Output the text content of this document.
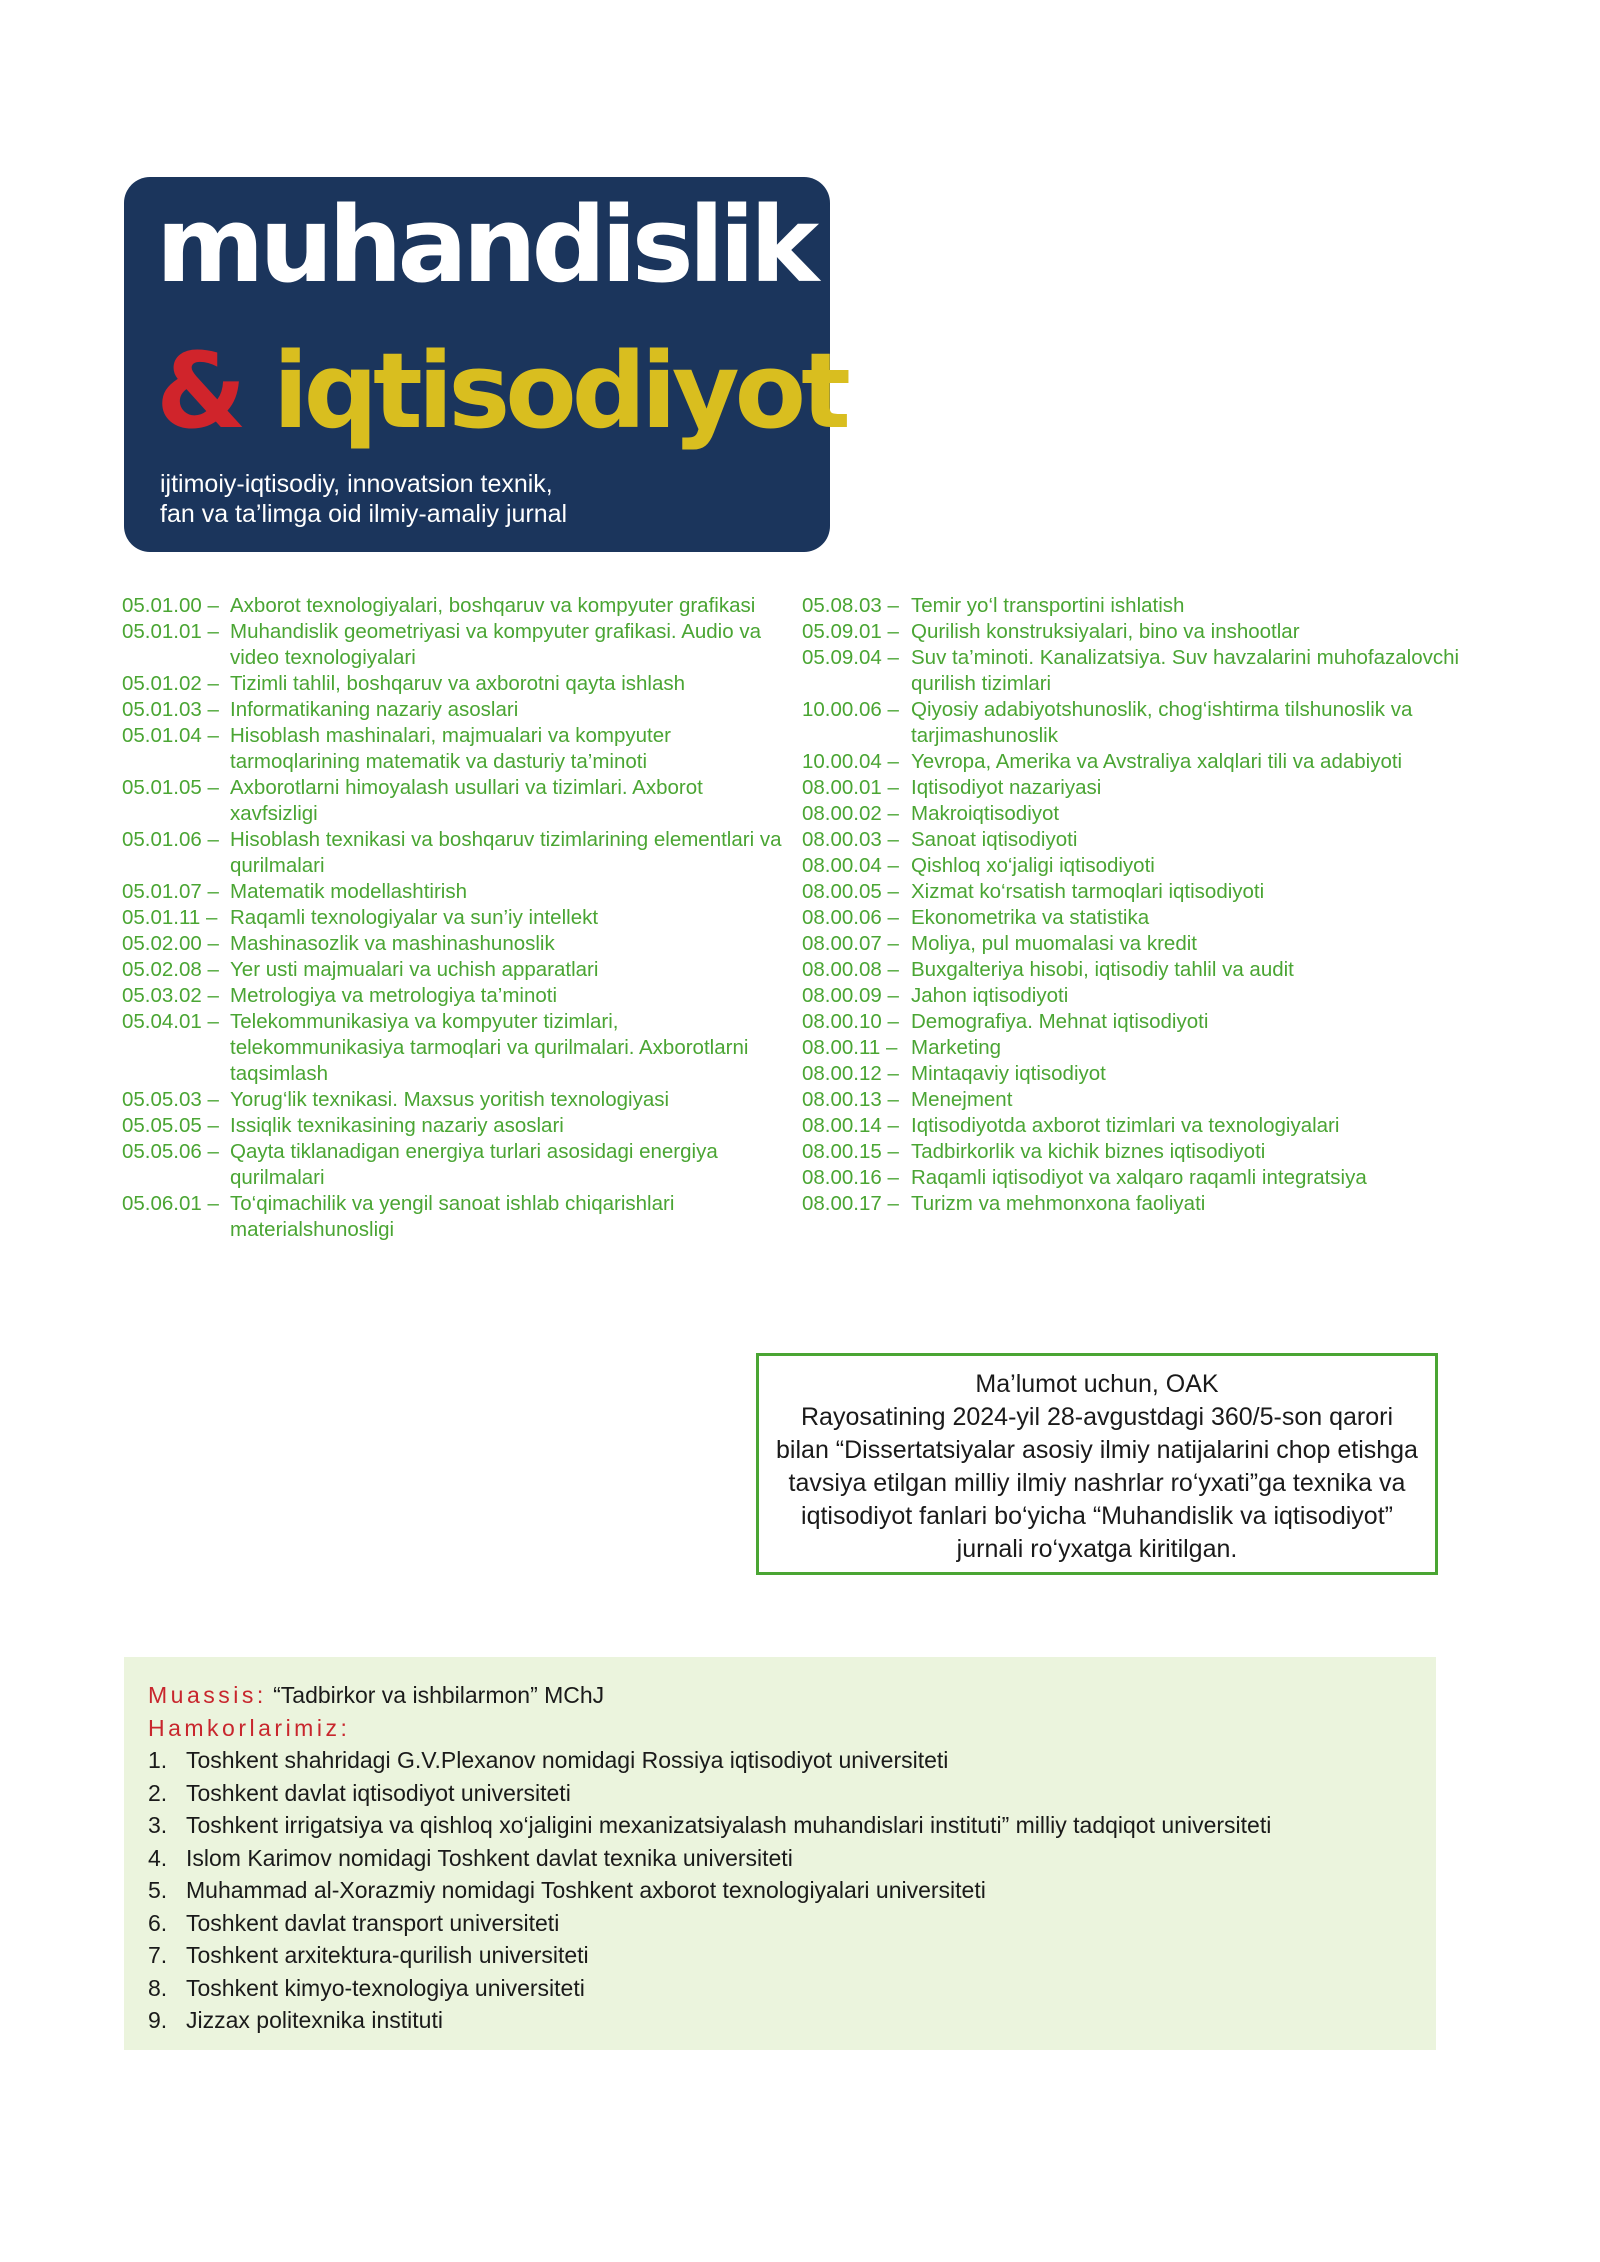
muhandislik
& iqtisodiyot
ijtimoiy-iqtisodiy, innovatsion texnik,
fan va ta’limga oid ilmiy-amaliy jurnal
05.01.00 – Axborot texnologiyalari, boshqaruv va kompyuter grafikasi
05.01.01 – Muhandislik geometriyasi va kompyuter grafikasi. Audio va video texnologiyalari
05.01.02 – Tizimli tahlil, boshqaruv va axborotni qayta ishlash
05.01.03 – Informatikaning nazariy asoslari
05.01.04 – Hisoblash mashinalari, majmualari va kompyuter tarmoqlarining matematik va dasturiy ta’minoti
05.01.05 – Axborotlarni himoyalash usullari va tizimlari. Axborot xavfsizligi
05.01.06 – Hisoblash texnikasi va boshqaruv tizimlarining elementlari va qurilmalari
05.01.07 – Matematik modellashtirish
05.01.11 – Raqamli texnologiyalar va sun’iy intellekt
05.02.00 – Mashinasozlik va mashinashunoslik
05.02.08 – Yer usti majmualari va uchish apparatlari
05.03.02 – Metrologiya va metrologiya ta’minoti
05.04.01 – Telekommunikasiya va kompyuter tizimlari, telekommunikasiya tarmoqlari va qurilmalari. Axborotlarni taqsimlash
05.05.03 – Yorug‘lik texnikasi. Maxsus yoritish texnologiyasi
05.05.05 – Issiqlik texnikasining nazariy asoslari
05.05.06 – Qayta tiklanadigan energiya turlari asosidagi energiya qurilmalari
05.06.01 – To‘qimachilik va yengil sanoat ishlab chiqarishlari materialshunosligi
05.08.03 – Temir yo‘l transportini ishlatish
05.09.01 – Qurilish konstruksiyalari, bino va inshootlar
05.09.04 – Suv ta’minoti. Kanalizatsiya. Suv havzalarini muhofazalovchi qurilish tizimlari
10.00.06 – Qiyosiy adabiyotshunoslik, chog‘ishtirma tilshunoslik va tarjimashunoslik
10.00.04 – Yevropa, Amerika va Avstraliya xalqlari tili va adabiyoti
08.00.01 – Iqtisodiyot nazariyasi
08.00.02 – Makroiqtisodiyot
08.00.03 – Sanoat iqtisodiyoti
08.00.04 – Qishloq xo‘jaligi iqtisodiyoti
08.00.05 – Xizmat ko‘rsatish tarmoqlari iqtisodiyoti
08.00.06 – Ekonometrika va statistika
08.00.07 – Moliya, pul muomalasi va kredit
08.00.08 – Buxgalteriya hisobi, iqtisodiy tahlil va audit
08.00.09 – Jahon iqtisodiyoti
08.00.10 – Demografiya. Mehnat iqtisodiyoti
08.00.11 – Marketing
08.00.12 – Mintaqaviy iqtisodiyot
08.00.13 – Menejment
08.00.14 – Iqtisodiyotda axborot tizimlari va texnologiyalari
08.00.15 – Tadbirkorlik va kichik biznes iqtisodiyoti
08.00.16 – Raqamli iqtisodiyot va xalqaro raqamli integratsiya
08.00.17 – Turizm va mehmonxona faoliyati
Ma’lumot uchun, OAK
Rayosatining 2024-yil 28-avgustdagi 360/5-son qarori bilan “Dissertatsiyalar asosiy ilmiy natijalarini chop etishga tavsiya etilgan milliy ilmiy nashrlar ro‘yxati”ga texnika va iqtisodiyot fanlari bo‘yicha “Muhandislik va iqtisodiyot” jurnali ro‘yxatga kiritilgan.
Muassis: “Tadbirkor va ishbilarmon” MChJ
Hamkorlarimiz:
1. Toshkent shahridagi G.V.Plexanov nomidagi Rossiya iqtisodiyot universiteti
2. Toshkent davlat iqtisodiyot universiteti
3. Toshkent irrigatsiya va qishloq xo‘jaligini mexanizatsiyalash muhandislari instituti” milliy tadqiqot universiteti
4. Islom Karimov nomidagi Toshkent davlat texnika universiteti
5. Muhammad al-Xorazmiy nomidagi Toshkent axborot texnologiyalari universiteti
6. Toshkent davlat transport universiteti
7. Toshkent arxitektura-qurilish universiteti
8. Toshkent kimyo-texnologiya universiteti
9. Jizzax politexnika instituti
